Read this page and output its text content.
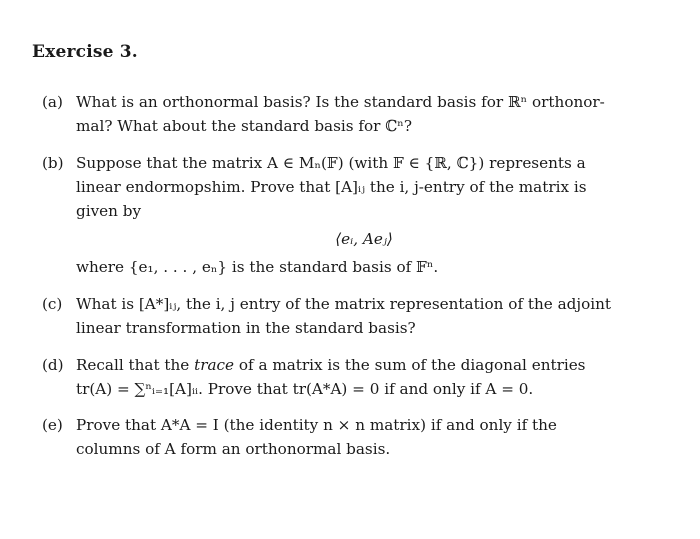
Exercise 3.
(a) What is an orthonormal basis? Is the standard basis for ℝⁿ orthonor-
mal? What about the standard basis for ℂⁿ?
(b) Suppose that the matrix A ∈ Mₙ(𝔽) (with 𝔽 ∈ {ℝ, ℂ}) represents a
linear endormopshim. Prove that [A]ᵢⱼ the i, j-entry of the matrix is
given by
⟨eᵢ, Aeⱼ⟩
where {e₁, . . . , eₙ} is the standard basis of 𝔽ⁿ.
(c) What is [A*]ᵢⱼ, the i, j entry of the matrix representation of the adjoint
linear transformation in the standard basis?
(d) Recall that the trace of a matrix is the sum of the diagonal entries
tr(A) = ∑ⁿᵢ₌₁[A]ᵢᵢ. Prove that tr(A*A) = 0 if and only if A = 0.
(e) Prove that A*A = I (the identity n × n matrix) if and only if the
columns of A form an orthonormal basis.
